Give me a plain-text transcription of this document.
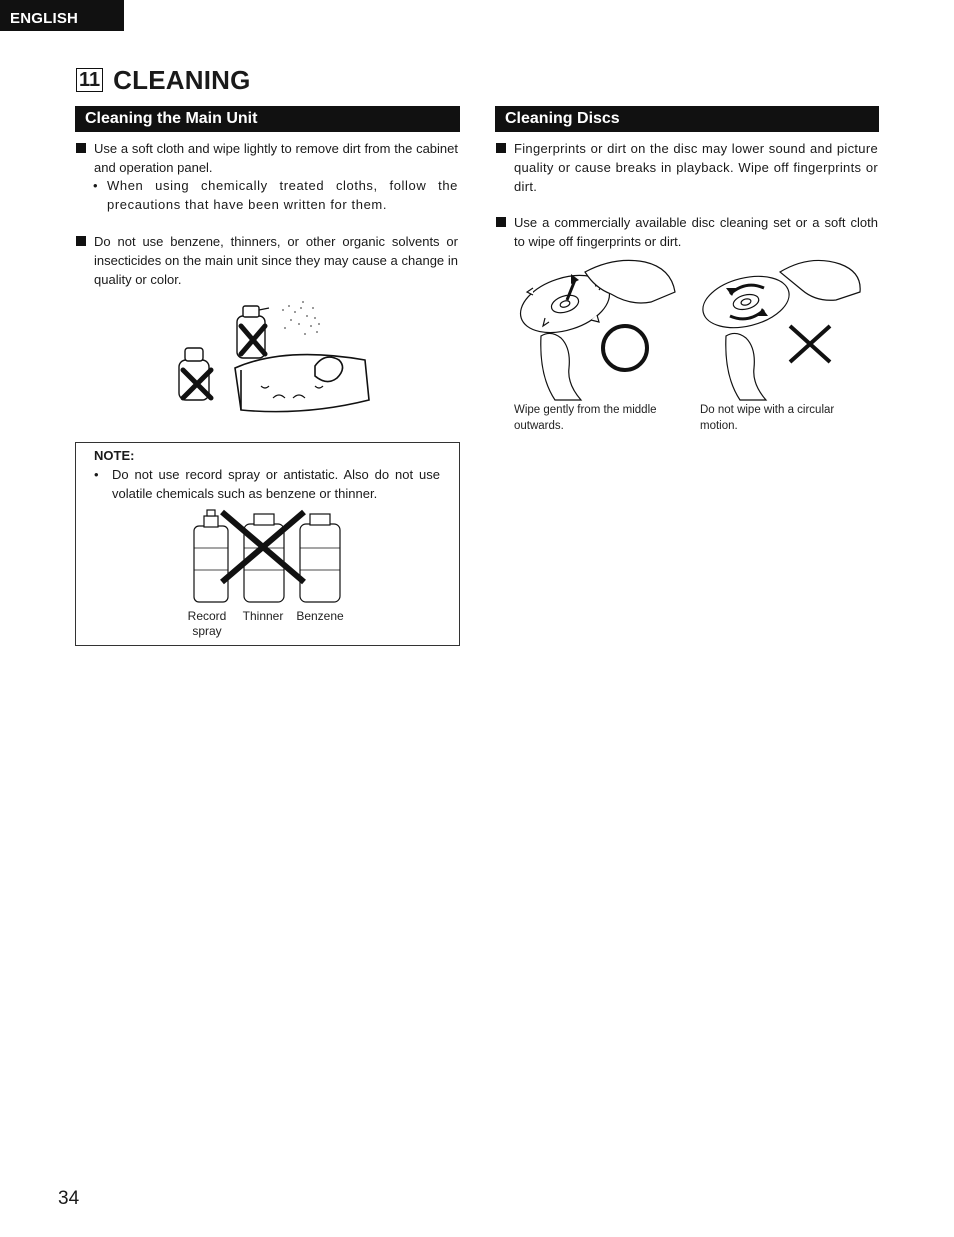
ENGLISH
11 CLEANING
Cleaning the Main Unit
Use a soft cloth and wipe lightly to remove dirt from the cabinet and operation panel.
• When using chemically treated cloths, follow the precautions that have been written for them.
Do not use benzene, thinners, or other organic solvents or insecticides on the main unit since they may cause a change in quality or color.
NOTE:
•	Do not use record spray or antistatic. Also do not use volatile chemicals such as benzene or thinner.
Record spray
Thinner	Benzene
Cleaning Discs
Fingerprints or dirt on the disc may lower sound and picture quality or cause breaks in playback. Wipe off fingerprints or dirt.
Use a commercially available disc cleaning set or a soft cloth to wipe off fingerprints or dirt.
Wipe gently from the middle outwards.
Do not wipe with a circular motion.
34
